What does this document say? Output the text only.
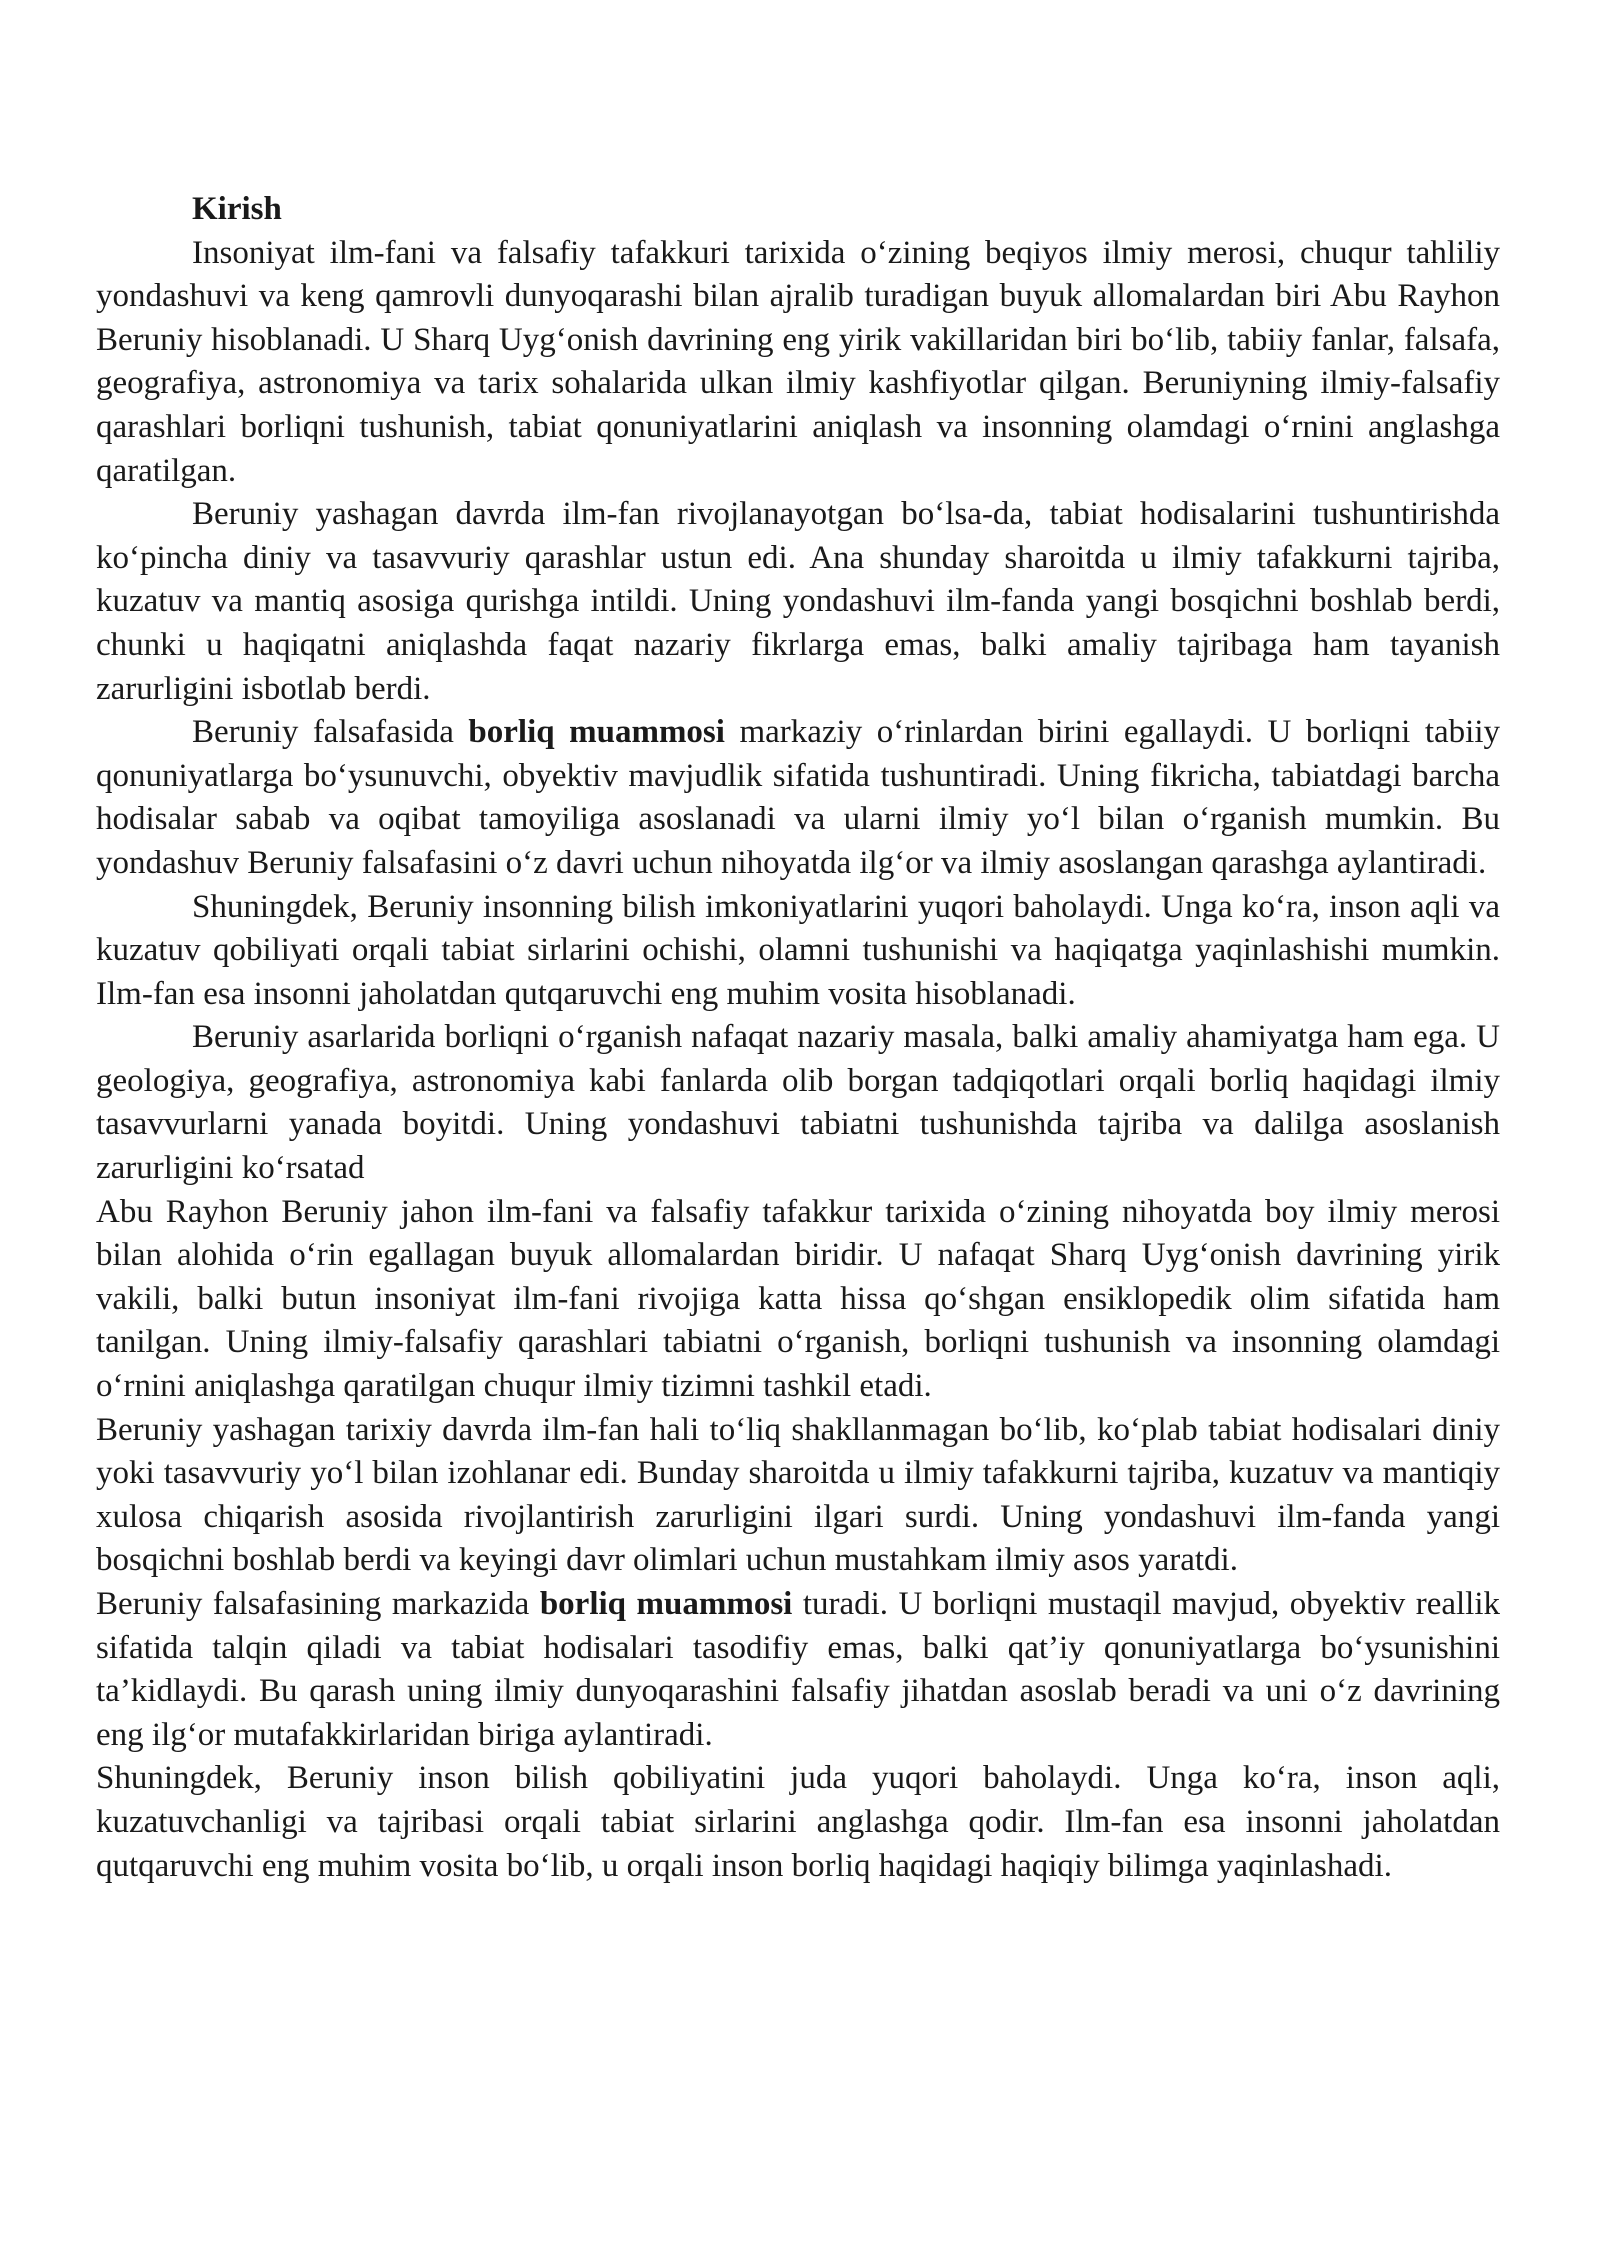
Kirish

Insoniyat ilm-fani va falsafiy tafakkuri tarixida o‘zining beqiyos ilmiy merosi, chuqur tahliliy yondashuvi va keng qamrovli dunyoqarashi bilan ajralib turadigan buyuk allomalardan biri Abu Rayhon Beruniy hisoblanadi. U Sharq Uyg‘onish davrining eng yirik vakillaridan biri bo‘lib, tabiiy fanlar, falsafa, geografiya, astronomiya va tarix sohalarida ulkan ilmiy kashfiyotlar qilgan. Beruniyning ilmiy-falsafiy qarashlari borliqni tushunish, tabiat qonuniyatlarini aniqlash va insonning olamdagi o‘rnini anglashga qaratilgan.

Beruniy yashagan davrda ilm-fan rivojlanayotgan bo‘lsa-da, tabiat hodisalarini tushuntirishda ko‘pincha diniy va tasavvuriy qarashlar ustun edi. Ana shunday sharoitda u ilmiy tafakkurni tajriba, kuzatuv va mantiq asosiga qurishga intildi. Uning yondashuvi ilm-fanda yangi bosqichni boshlab berdi, chunki u haqiqatni aniqlashda faqat nazariy fikrlarga emas, balki amaliy tajribaga ham tayanish zarurligini isbotlab berdi.

Beruniy falsafasida borliq muammosi markaziy o‘rinlardan birini egallaydi. U borliqni tabiiy qonuniyatlarga bo‘ysunuvchi, obyektiv mavjudlik sifatida tushuntiradi. Uning fikricha, tabiatdagi barcha hodisalar sabab va oqibat tamoyiliga asoslanadi va ularni ilmiy yo‘l bilan o‘rganish mumkin. Bu yondashuv Beruniy falsafasini o‘z davri uchun nihoyatda ilg‘or va ilmiy asoslangan qarashga aylantiradi.

Shuningdek, Beruniy insonning bilish imkoniyatlarini yuqori baholaydi. Unga ko‘ra, inson aqli va kuzatuv qobiliyati orqali tabiat sirlarini ochishi, olamni tushunishi va haqiqatga yaqinlashishi mumkin. Ilm-fan esa insonni jaholatdan qutqaruvchi eng muhim vosita hisoblanadi.

Beruniy asarlarida borliqni o‘rganish nafaqat nazariy masala, balki amaliy ahamiyatga ham ega. U geologiya, geografiya, astronomiya kabi fanlarda olib borgan tadqiqotlari orqali borliq haqidagi ilmiy tasavvurlarni yanada boyitdi. Uning yondashuvi tabiatni tushunishda tajriba va dalilga asoslanish zarurligini ko‘rsatad

Abu Rayhon Beruniy jahon ilm-fani va falsafiy tafakkur tarixida o‘zining nihoyatda boy ilmiy merosi bilan alohida o‘rin egallagan buyuk allomalardan biridir. U nafaqat Sharq Uyg‘onish davrining yirik vakili, balki butun insoniyat ilm-fani rivojiga katta hissa qo‘shgan ensiklopedik olim sifatida ham tanilgan. Uning ilmiy-falsafiy qarashlari tabiatni o‘rganish, borliqni tushunish va insonning olamdagi o‘rnini aniqlashga qaratilgan chuqur ilmiy tizimni tashkil etadi.

Beruniy yashagan tarixiy davrda ilm-fan hali to‘liq shakllanmagan bo‘lib, ko‘plab tabiat hodisalari diniy yoki tasavvuriy yo‘l bilan izohlanar edi. Bunday sharoitda u ilmiy tafakkurni tajriba, kuzatuv va mantiqiy xulosa chiqarish asosida rivojlantirish zarurligini ilgari surdi. Uning yondashuvi ilm-fanda yangi bosqichni boshlab berdi va keyingi davr olimlari uchun mustahkam ilmiy asos yaratdi.

Beruniy falsafasining markazida borliq muammosi turadi. U borliqni mustaqil mavjud, obyektiv reallik sifatida talqin qiladi va tabiat hodisalari tasodifiy emas, balki qat’iy qonuniyatlarga bo‘ysunishini ta’kidlaydi. Bu qarash uning ilmiy dunyoqarashini falsafiy jihatdan asoslab beradi va uni o‘z davrining eng ilg‘or mutafakkirlaridan biriga aylantiradi.

Shuningdek, Beruniy inson bilish qobiliyatini juda yuqori baholaydi. Unga ko‘ra, inson aqli, kuzatuvchanligi va tajribasi orqali tabiat sirlarini anglashga qodir. Ilm-fan esa insonni jaholatdan qutqaruvchi eng muhim vosita bo‘lib, u orqali inson borliq haqidagi haqiqiy bilimga yaqinlashadi.
